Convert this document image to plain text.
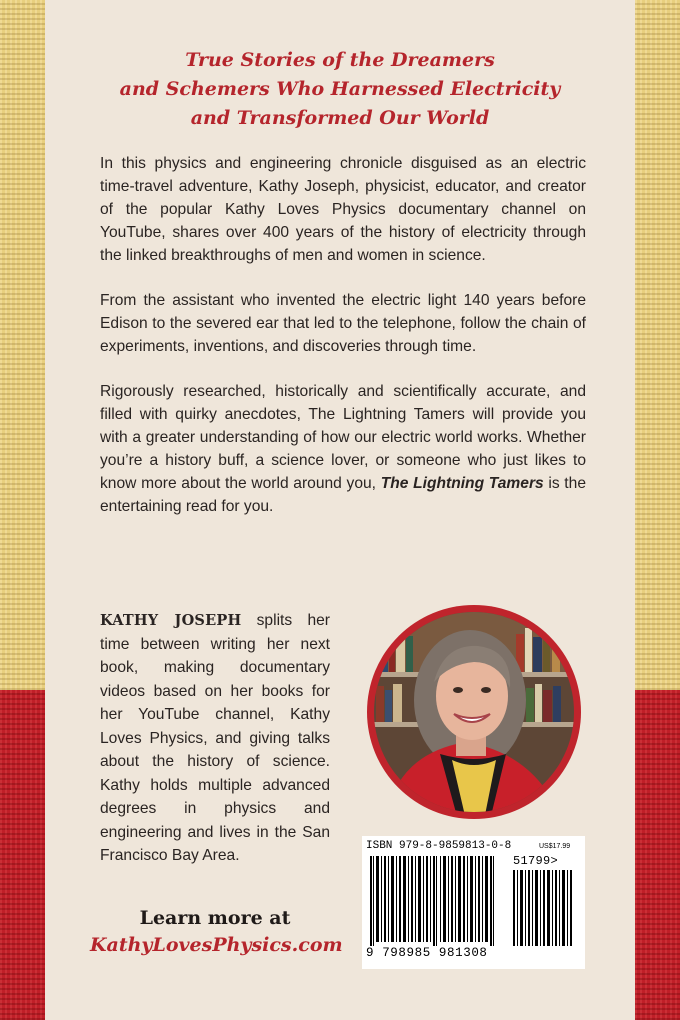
True Stories of the Dreamers
and Schemers Who Harnessed Electricity
and Transformed Our World

In this physics and engineering chronicle disguised as an electric time-travel adventure, Kathy Joseph, physicist, educator, and creator of the popular Kathy Loves Physics documentary channel on YouTube, shares over 400 years of the history of electricity through the linked breakthroughs of men and women in science.

From the assistant who invented the electric light 140 years before Edison to the severed ear that led to the telephone, follow the chain of experiments, inventions, and discoveries through time.

Rigorously researched, historically and scientifically accurate, and filled with quirky anecdotes, The Lightning Tamers will provide you with a greater understanding of how our electric world works. Whether you’re a history buff, a science lover, or someone who just likes to know more about the world around you, The Lightning Tamers is the entertaining read for you.

KATHY JOSEPH splits her time between writing her next book, making documentary videos based on her books for her YouTube channel, Kathy Loves Physics, and giving talks about the history of science. Kathy holds multiple advanced degrees in physics and engineering and lives in the San Francisco Bay Area.

Learn more at

KathyLovesPhysics.com

ISBN 979-8-9859813-0-8	US$17.99

51799>

9 798985 981308
